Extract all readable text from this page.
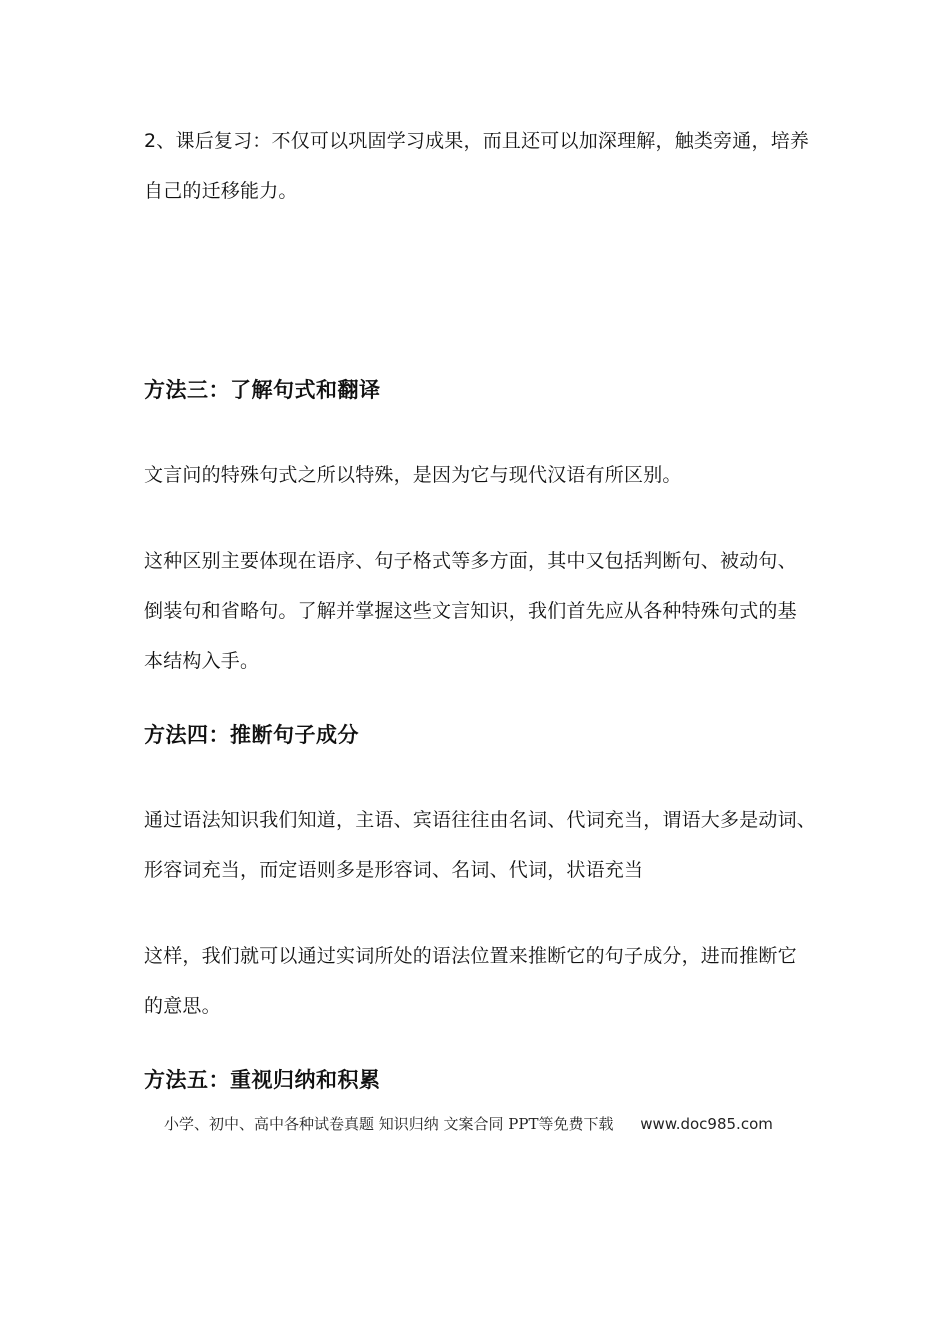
2、课后复习：不仅可以巩固学习成果，而且还可以加深理解，触类旁通，培养
自己的迁移能力。
方法三：了解句式和翻译
文言问的特殊句式之所以特殊，是因为它与现代汉语有所区别。
这种区别主要体现在语序、句子格式等多方面，其中又包括判断句、被动句、
倒装句和省略句。了解并掌握这些文言知识，我们首先应从各种特殊句式的基
本结构入手。
方法四：推断句子成分
通过语法知识我们知道，主语、宾语往往由名词、代词充当，谓语大多是动词、
形容词充当，而定语则多是形容词、名词、代词，状语充当
这样，我们就可以通过实词所处的语法位置来推断它的句子成分，进而推断它
的意思。
方法五：重视归纳和积累
小学、初中、高中各种试卷真题 知识归纳 文案合同 PPT等免费下载 www.doc985.com
